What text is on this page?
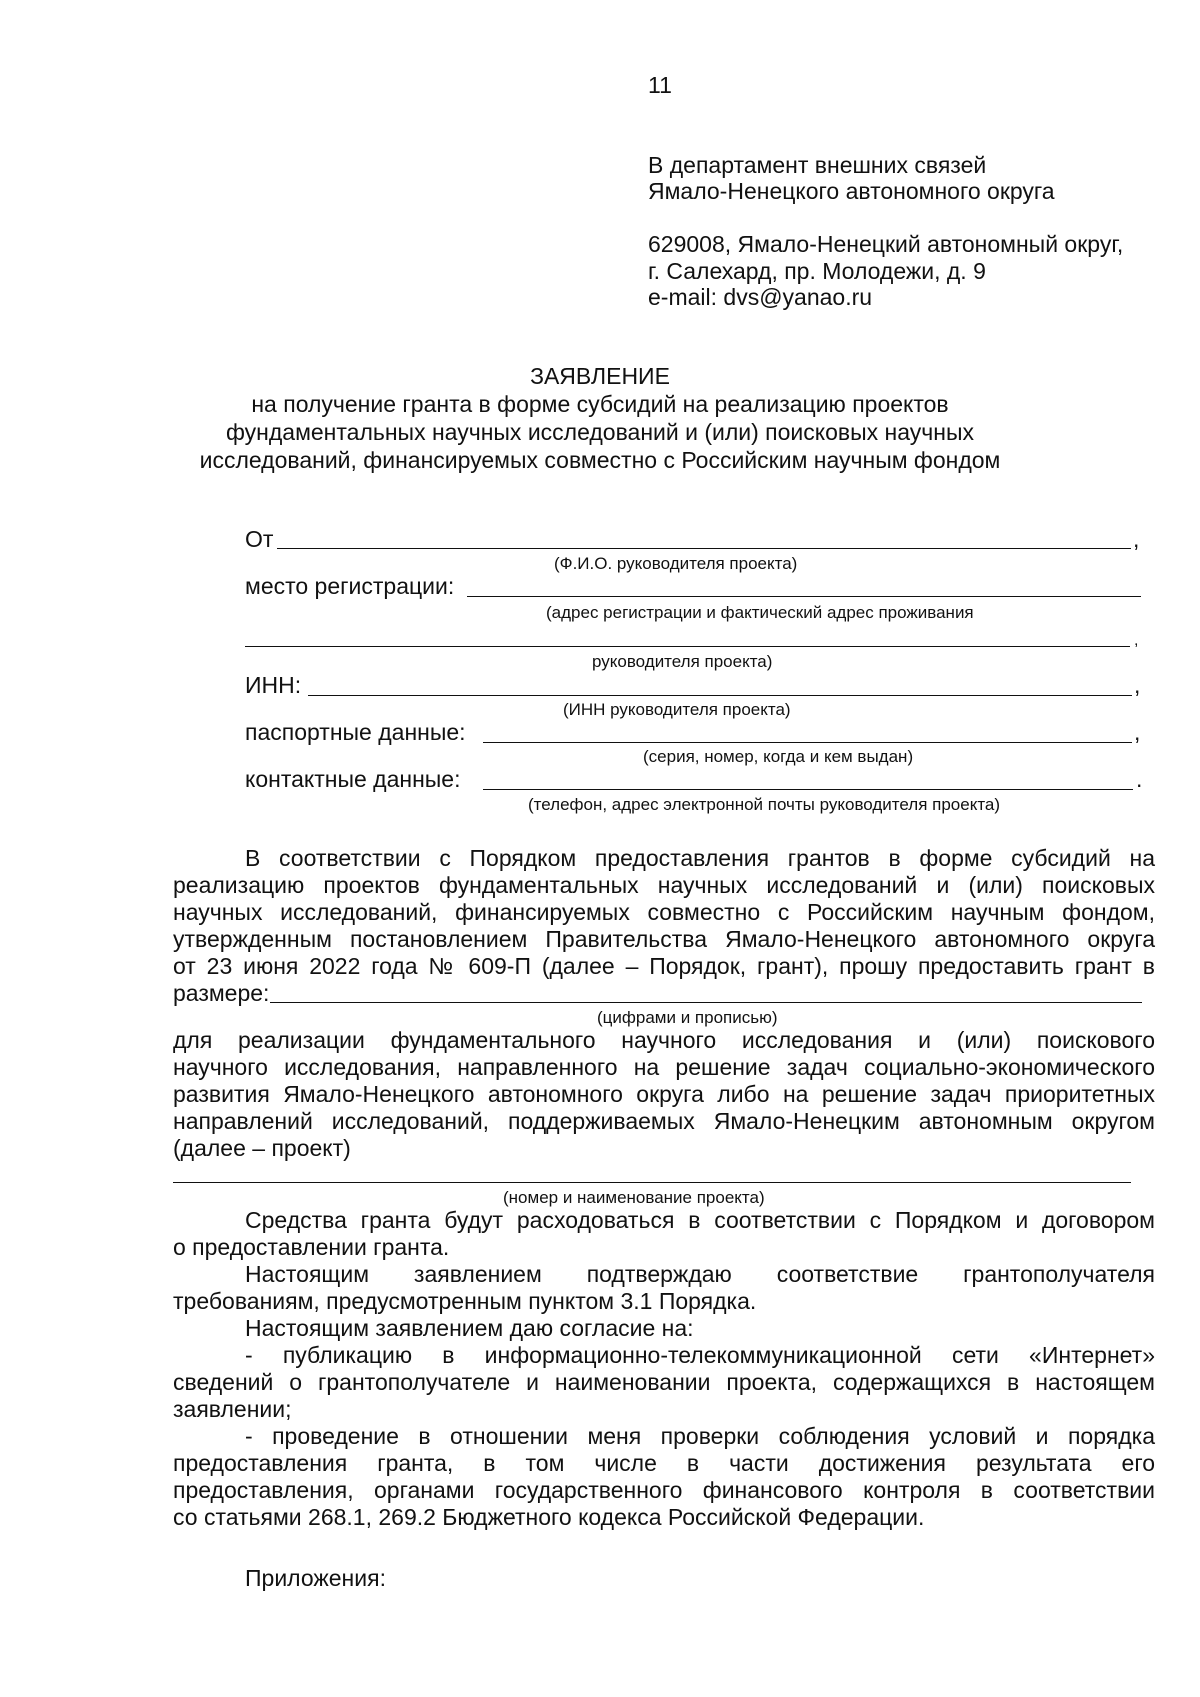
11
В департамент внешних связей
Ямало-Ненецкого автономного округа
629008, Ямало-Ненецкий автономный округ,
г. Салехард, пр. Молодежи, д. 9
e-mail: dvs@yanao.ru
ЗАЯВЛЕНИЕ
на получение гранта в форме субсидий на реализацию проектов
фундаментальных научных исследований и (или) поисковых научных
исследований, финансируемых совместно с Российским научным фондом
От	,
(Ф.И.О. руководителя проекта)
место регистрации:
(адрес регистрации и фактический адрес проживания
,
руководителя проекта)
ИНН:	,
(ИНН руководителя проекта)
паспортные данные:	,
(серия, номер, когда и кем выдан)
контактные данные:	.
(телефон, адрес электронной почты руководителя проекта)
В соответствии с Порядком предоставления грантов в форме субсидий на
реализацию проектов фундаментальных научных исследований и (или) поисковых
научных исследований, финансируемых совместно с Российским научным фондом,
утвержденным постановлением Правительства Ямало-Ненецкого автономного округа
от 23 июня 2022 года № 609-П (далее – Порядок, грант), прошу предоставить грант в
размере:
(цифрами и прописью)
для реализации фундаментального научного исследования и (или) поискового
научного исследования, направленного на решение задач социально-экономического
развития Ямало-Ненецкого автономного округа либо на решение задач приоритетных
направлений исследований, поддерживаемых Ямало-Ненецким автономным округом
(далее – проект)
(номер и наименование проекта)
Средства гранта будут расходоваться в соответствии с Порядком и договором
о предоставлении гранта.
Настоящим заявлением подтверждаю соответствие грантополучателя
требованиям, предусмотренным пунктом 3.1 Порядка.
Настоящим заявлением даю согласие на:
- публикацию в информационно-телекоммуникационной сети «Интернет»
сведений о грантополучателе и наименовании проекта, содержащихся в настоящем
заявлении;
- проведение в отношении меня проверки соблюдения условий и порядка
предоставления гранта, в том числе в части достижения результата его
предоставления, органами государственного финансового контроля в соответствии
со статьями 268.1, 269.2 Бюджетного кодекса Российской Федерации.
Приложения:
